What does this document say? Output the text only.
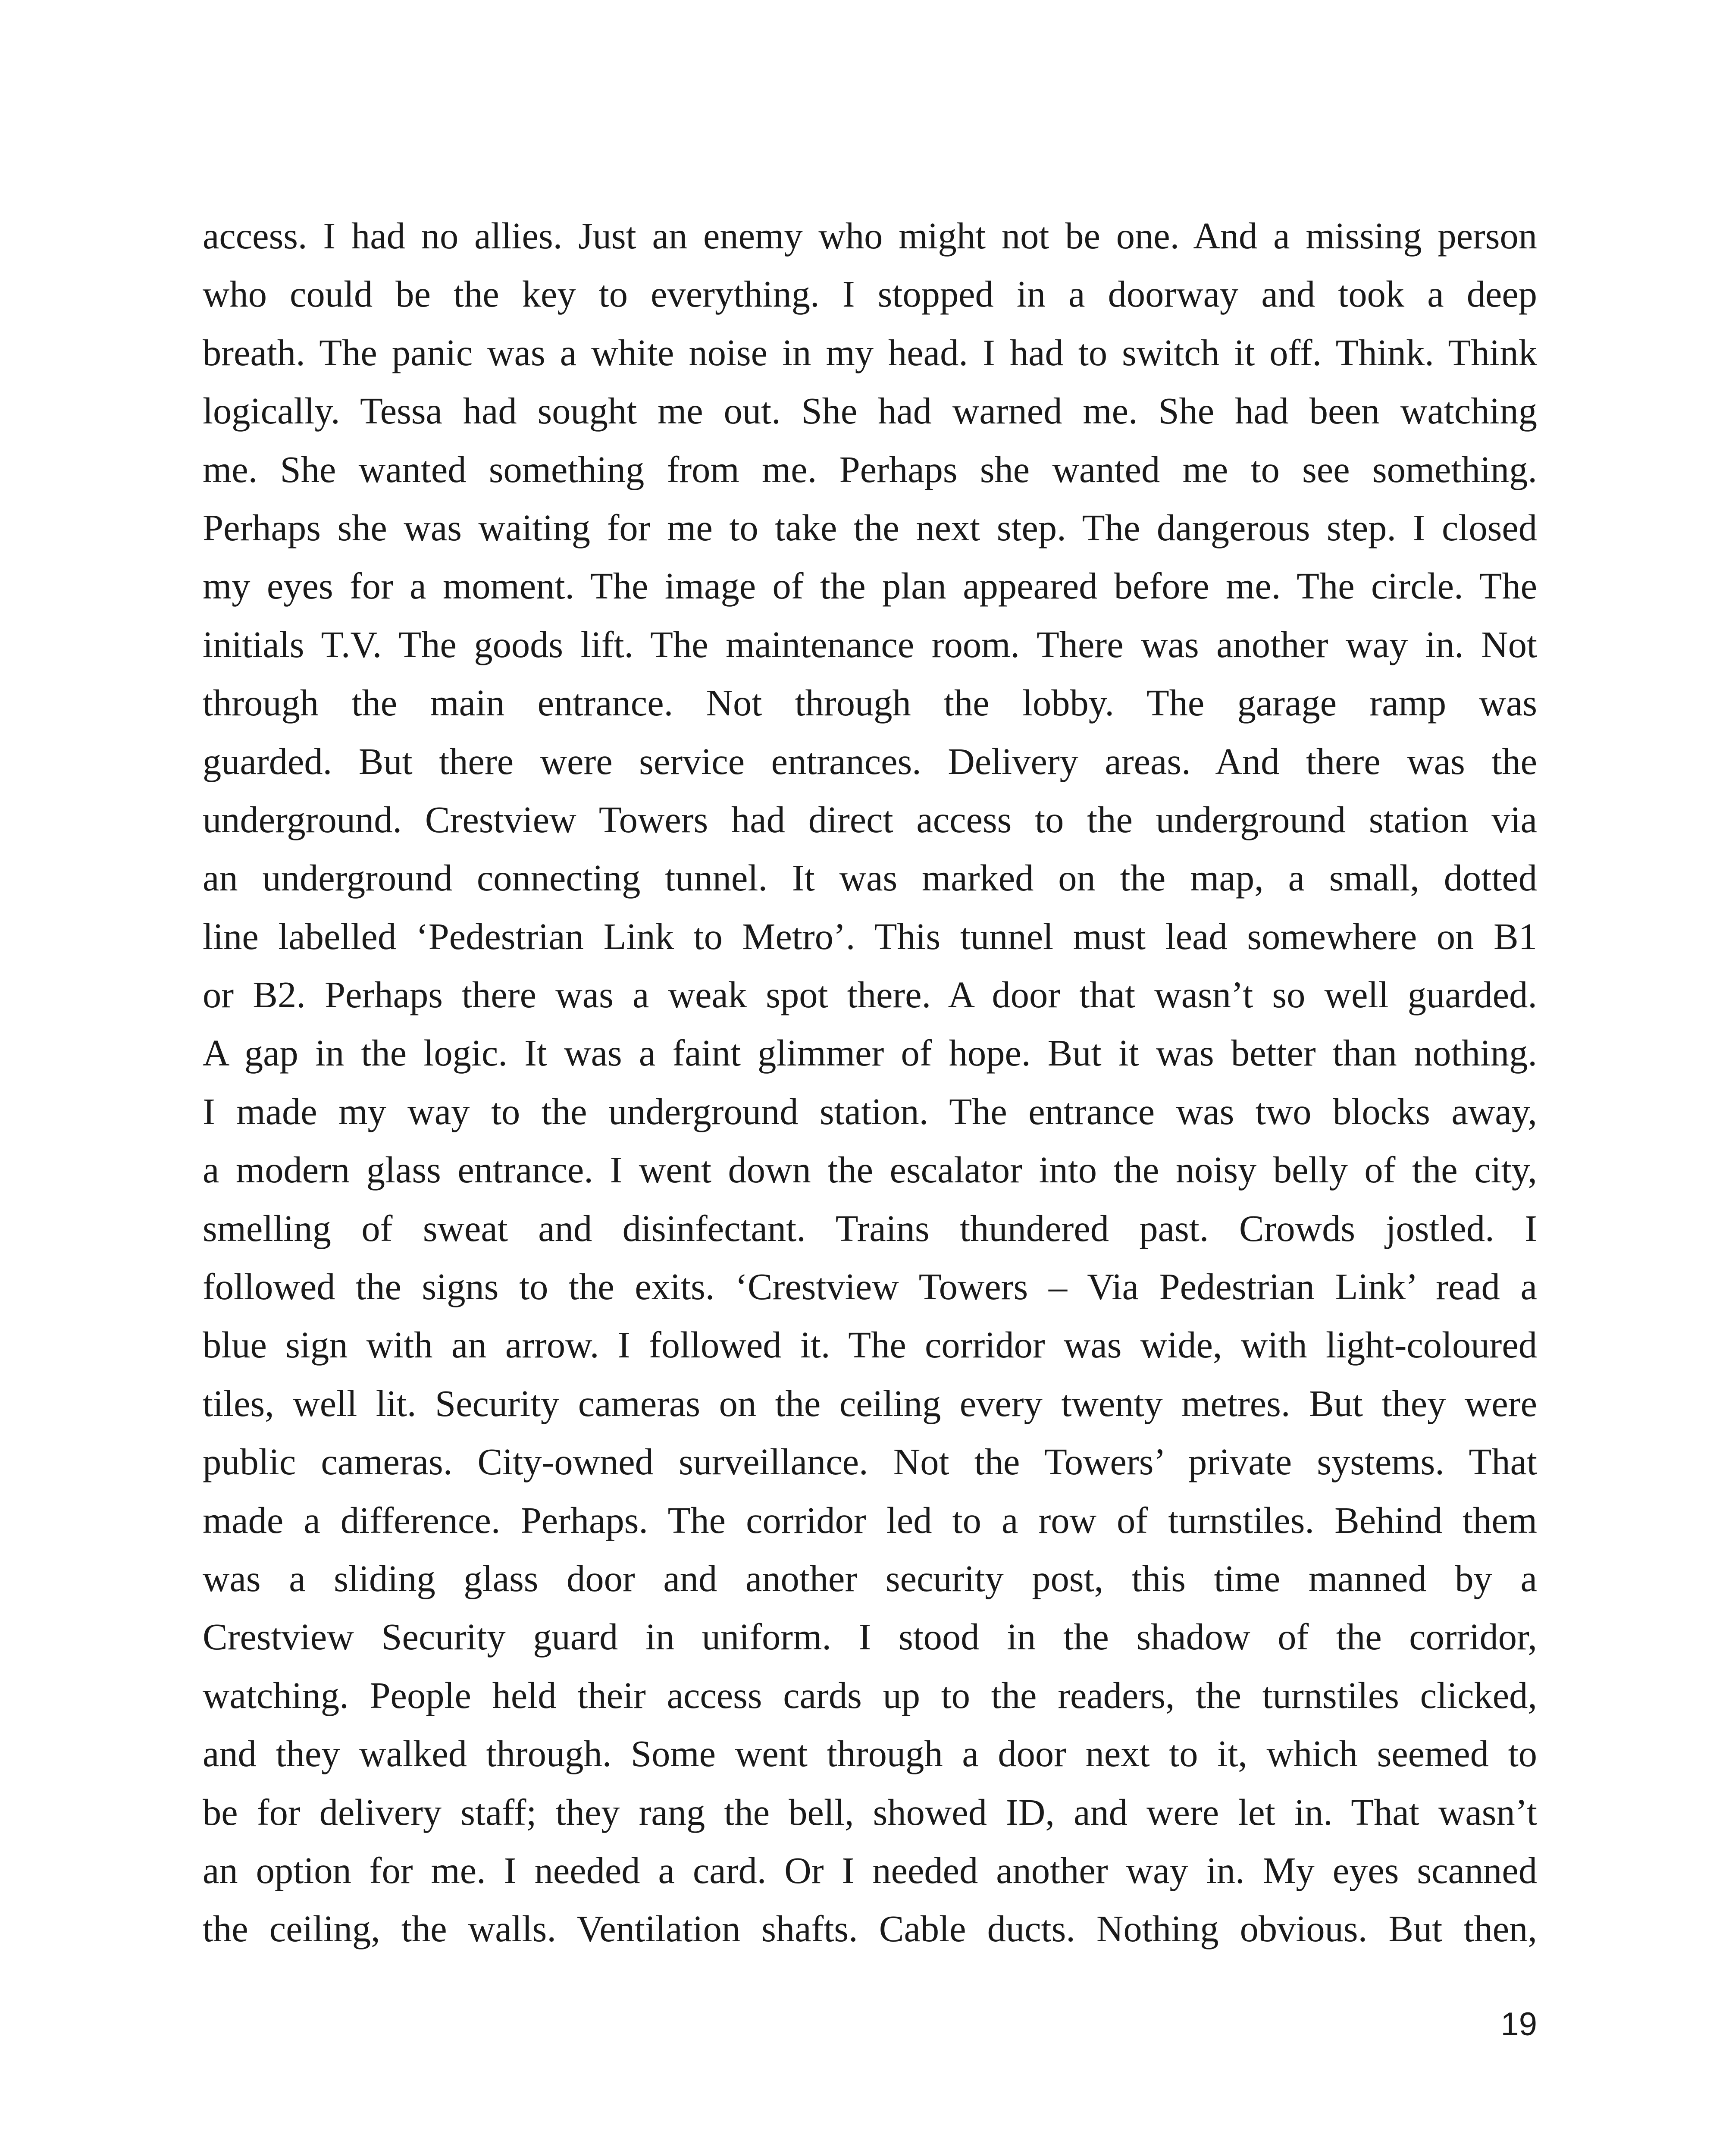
access. I had no allies. Just an enemy who might not be one. And a missing person
who could be the key to everything. I stopped in a doorway and took a deep
breath. The panic was a white noise in my head. I had to switch it off. Think. Think
logically. Tessa had sought me out. She had warned me. She had been watching
me. She wanted something from me. Perhaps she wanted me to see something.
Perhaps she was waiting for me to take the next step. The dangerous step. I closed
my eyes for a moment. The image of the plan appeared before me. The circle. The
initials T.V. The goods lift. The maintenance room. There was another way in. Not
through the main entrance. Not through the lobby. The garage ramp was
guarded. But there were service entrances. Delivery areas. And there was the
underground. Crestview Towers had direct access to the underground station via
an underground connecting tunnel. It was marked on the map, a small, dotted
line labelled ‘Pedestrian Link to Metro’. This tunnel must lead somewhere on B1
or B2. Perhaps there was a weak spot there. A door that wasn’t so well guarded.
A gap in the logic. It was a faint glimmer of hope. But it was better than nothing.
I made my way to the underground station. The entrance was two blocks away,
a modern glass entrance. I went down the escalator into the noisy belly of the city,
smelling of sweat and disinfectant. Trains thundered past. Crowds jostled. I
followed the signs to the exits. ‘Crestview Towers – Via Pedestrian Link’ read a
blue sign with an arrow. I followed it. The corridor was wide, with light-coloured
tiles, well lit. Security cameras on the ceiling every twenty metres. But they were
public cameras. City-owned surveillance. Not the Towers’ private systems. That
made a difference. Perhaps. The corridor led to a row of turnstiles. Behind them
was a sliding glass door and another security post, this time manned by a
Crestview Security guard in uniform. I stood in the shadow of the corridor,
watching. People held their access cards up to the readers, the turnstiles clicked,
and they walked through. Some went through a door next to it, which seemed to
be for delivery staff; they rang the bell, showed ID, and were let in. That wasn’t
an option for me. I needed a card. Or I needed another way in. My eyes scanned
the ceiling, the walls. Ventilation shafts. Cable ducts. Nothing obvious. But then,
19
